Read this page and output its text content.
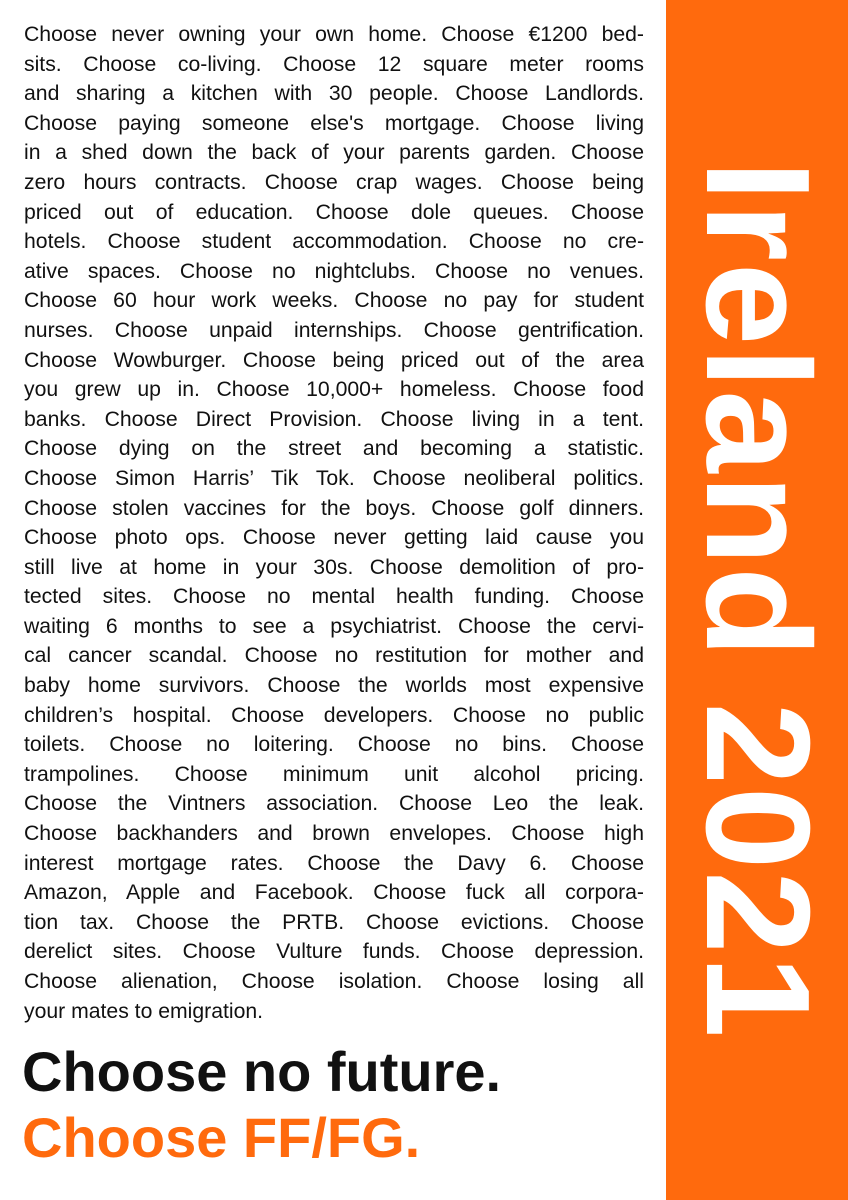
Choose never owning your own home. Choose €1200 bed-
sits. Choose co-living. Choose 12 square meter rooms
and sharing a kitchen with 30 people. Choose Landlords.
Choose paying someone else's mortgage. Choose living
in a shed down the back of your parents garden. Choose
zero hours contracts. Choose crap wages. Choose being
priced out of education. Choose dole queues. Choose
hotels. Choose student accommodation. Choose no cre-
ative spaces. Choose no nightclubs. Choose no venues.
Choose 60 hour work weeks. Choose no pay for student
nurses. Choose unpaid internships. Choose gentrification.
Choose Wowburger. Choose being priced out of the area
you grew up in. Choose 10,000+ homeless. Choose food
banks. Choose Direct Provision. Choose living in a tent.
Choose dying on the street and becoming a statistic.
Choose Simon Harris’ Tik Tok. Choose neoliberal politics.
Choose stolen vaccines for the boys. Choose golf dinners.
Choose photo ops. Choose never getting laid cause you
still live at home in your 30s. Choose demolition of pro-
tected sites. Choose no mental health funding. Choose
waiting 6 months to see a psychiatrist. Choose the cervi-
cal cancer scandal. Choose no restitution for mother and
baby home survivors. Choose the worlds most expensive
children’s hospital. Choose developers. Choose no public
toilets. Choose no loitering. Choose no bins. Choose
trampolines. Choose minimum unit alcohol pricing.
Choose the Vintners association. Choose Leo the leak.
Choose backhanders and brown envelopes. Choose high
interest mortgage rates. Choose the Davy 6. Choose
Amazon, Apple and Facebook. Choose fuck all corpora-
tion tax. Choose the PRTB. Choose evictions. Choose
derelict sites. Choose Vulture funds. Choose depression.
Choose alienation, Choose isolation. Choose losing all
your mates to emigration.
Choose no future.
Choose FF/FG.
Ireland 2021
